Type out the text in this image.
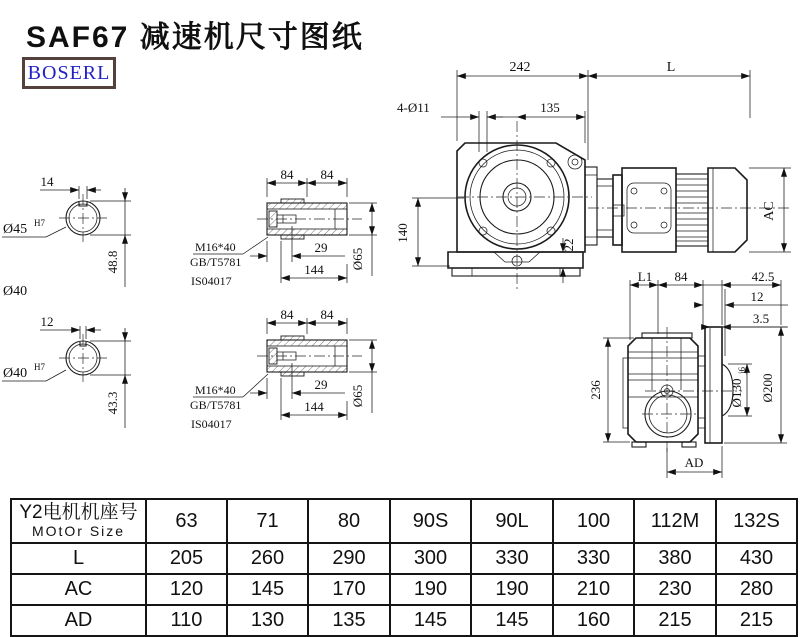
SAF67 减速机尺寸图纸
BOSERL
14
48.8
Ø45 H7
Ø40
12
43.3
Ø40 H7
84 84
29
144 Ø65
M16*40
GB/T5781
IS04017
84 84
29
144 Ø65
M16*40
GB/T5781
IS04017
242	L
4-Ø11	135
140
22
AC
236
L1 84	42.5
12
3.5
Ø130
j6
Ø200
AD
Y2电机机座号
MOtOr Size	63	71	80	90S	90L	100	112M	132S
L	205	260	290	300	330	330	380	430
AC	120	145	170	190	190	210	230	280
AD	110	130	135	145	145	160	215	215
